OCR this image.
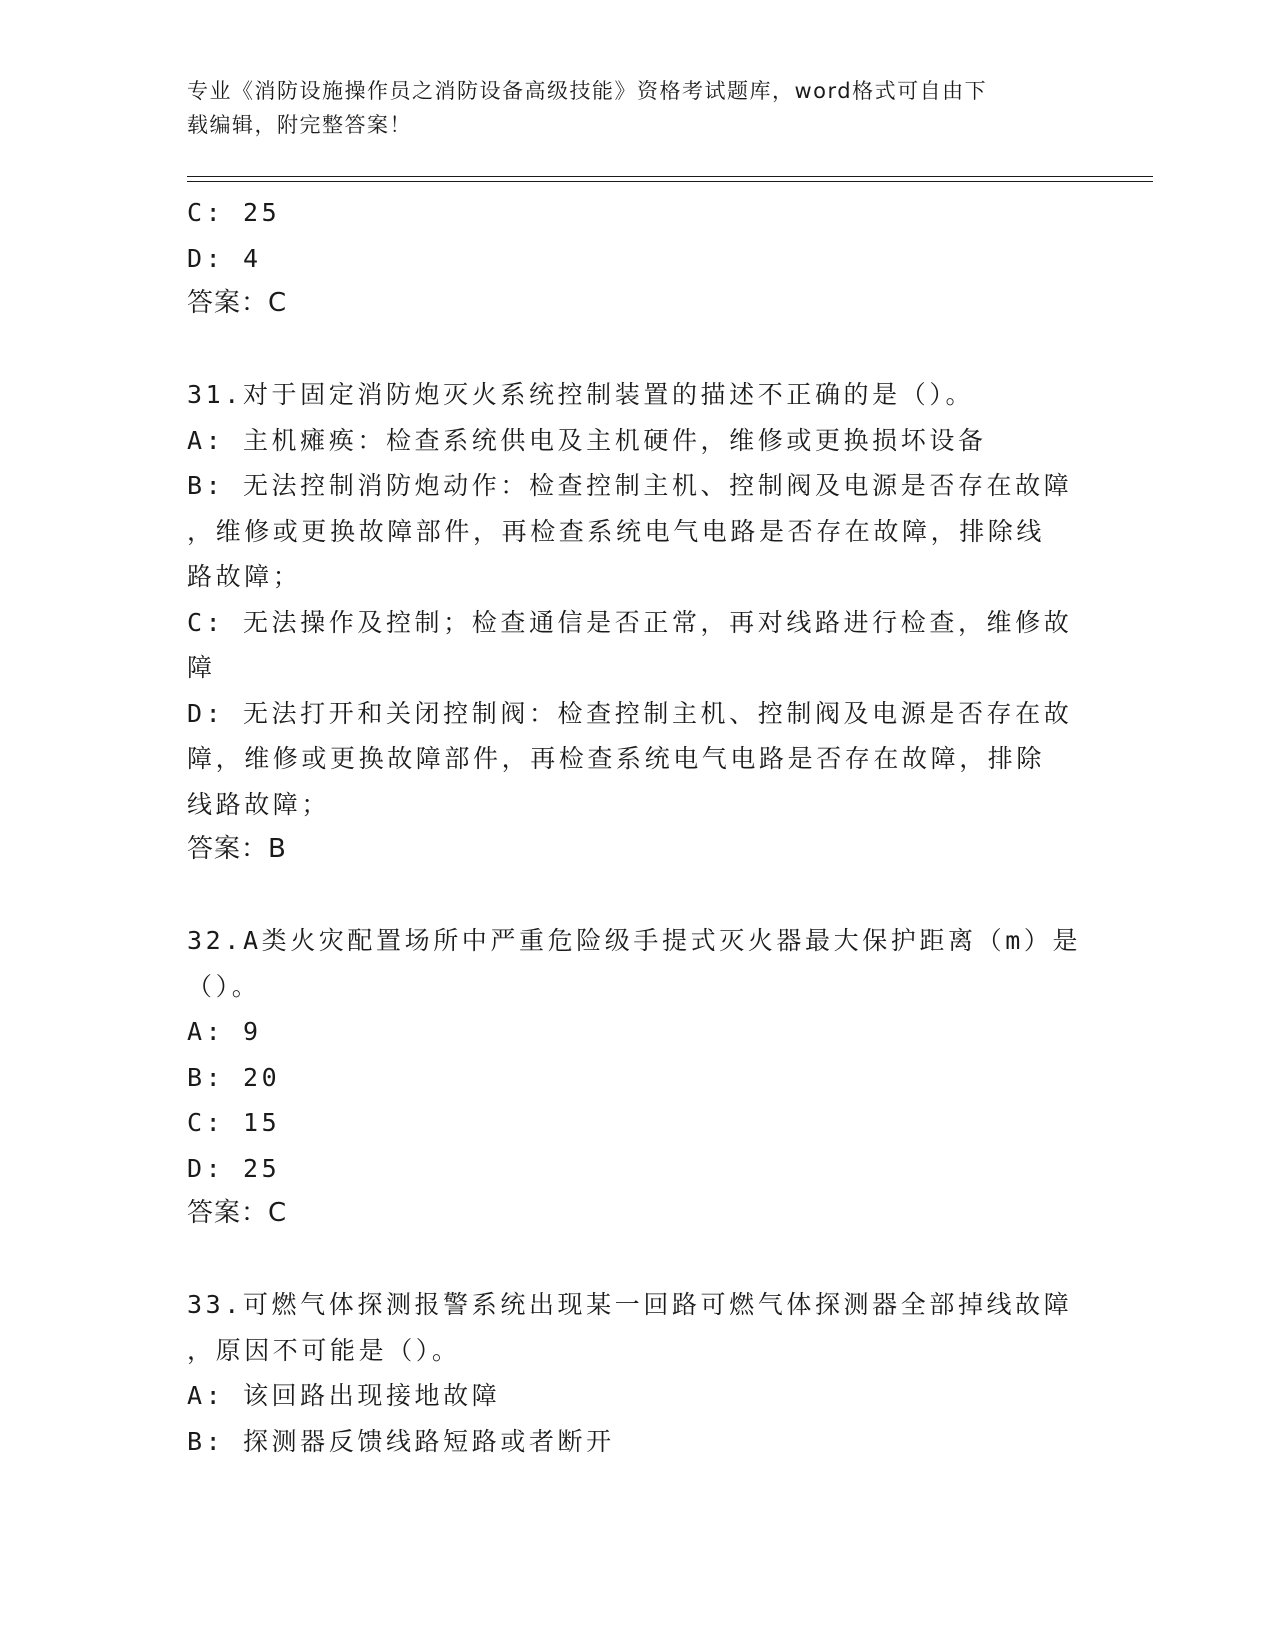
专业《消防设施操作员之消防设备高级技能》资格考试题库，word格式可自由下
载编辑，附完整答案！
C: 25
D: 4
答案：C
31.对于固定消防炮灭火系统控制装置的描述不正确的是（）。
A: 主机瘫痪：检查系统供电及主机硬件，维修或更换损坏设备
B: 无法控制消防炮动作：检查控制主机、控制阀及电源是否存在故障
，维修或更换故障部件，再检查系统电气电路是否存在故障，排除线
路故障；
C: 无法操作及控制；检查通信是否正常，再对线路进行检查，维修故
障
D: 无法打开和关闭控制阀：检查控制主机、控制阀及电源是否存在故
障，维修或更换故障部件，再检查系统电气电路是否存在故障，排除
线路故障；
答案：B
32.A类火灾配置场所中严重危险级手提式灭火器最大保护距离（m）是
（）。
A: 9
B: 20
C: 15
D: 25
答案：C
33.可燃气体探测报警系统出现某一回路可燃气体探测器全部掉线故障
，原因不可能是（）。
A: 该回路出现接地故障
B: 探测器反馈线路短路或者断开
